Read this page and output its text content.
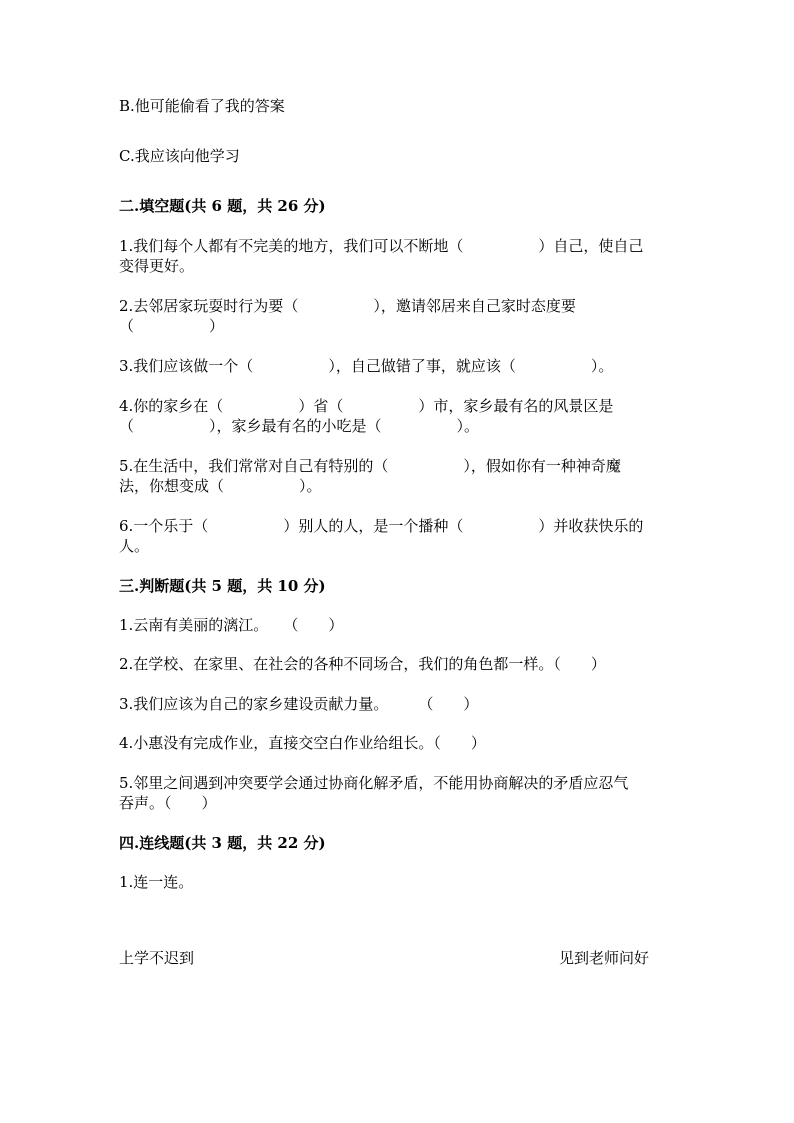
B.他可能偷看了我的答案

C.我应该向他学习

二.填空题(共 6 题，共 26 分)

1.我们每个人都有不完美的地方，我们可以不断地（　　　　　）自己，使自己

变得更好。

2.去邻居家玩耍时行为要（　　　　　），邀请邻居来自己家时态度要

（　　　　　）

3.我们应该做一个（　　　　　），自己做错了事，就应该（　　　　　）。

4.你的家乡在（　　　　　）省（　　　　　）市，家乡最有名的风景区是

（　　　　　），家乡最有名的小吃是（　　　　　）。

5.在生活中，我们常常对自己有特别的（　　　　　），假如你有一种神奇魔

法，你想变成（　　　　　）。

6.一个乐于（　　　　　）别人的人，是一个播种（　　　　　）并收获快乐的

人。

三.判断题(共 5 题，共 10 分)

1.云南有美丽的漓江。　　（　　）

2.在学校、在家里、在社会的各种不同场合，我们的角色都一样。（　　）

3.我们应该为自己的家乡建设贡献力量。　　　（　　）

4.小惠没有完成作业，直接交空白作业给组长。（　　）

5.邻里之间遇到冲突要学会通过协商化解矛盾，不能用协商解决的矛盾应忍气

吞声。（　　）

四.连线题(共 3 题，共 22 分)

1.连一连。

上学不迟到	见到老师问好
